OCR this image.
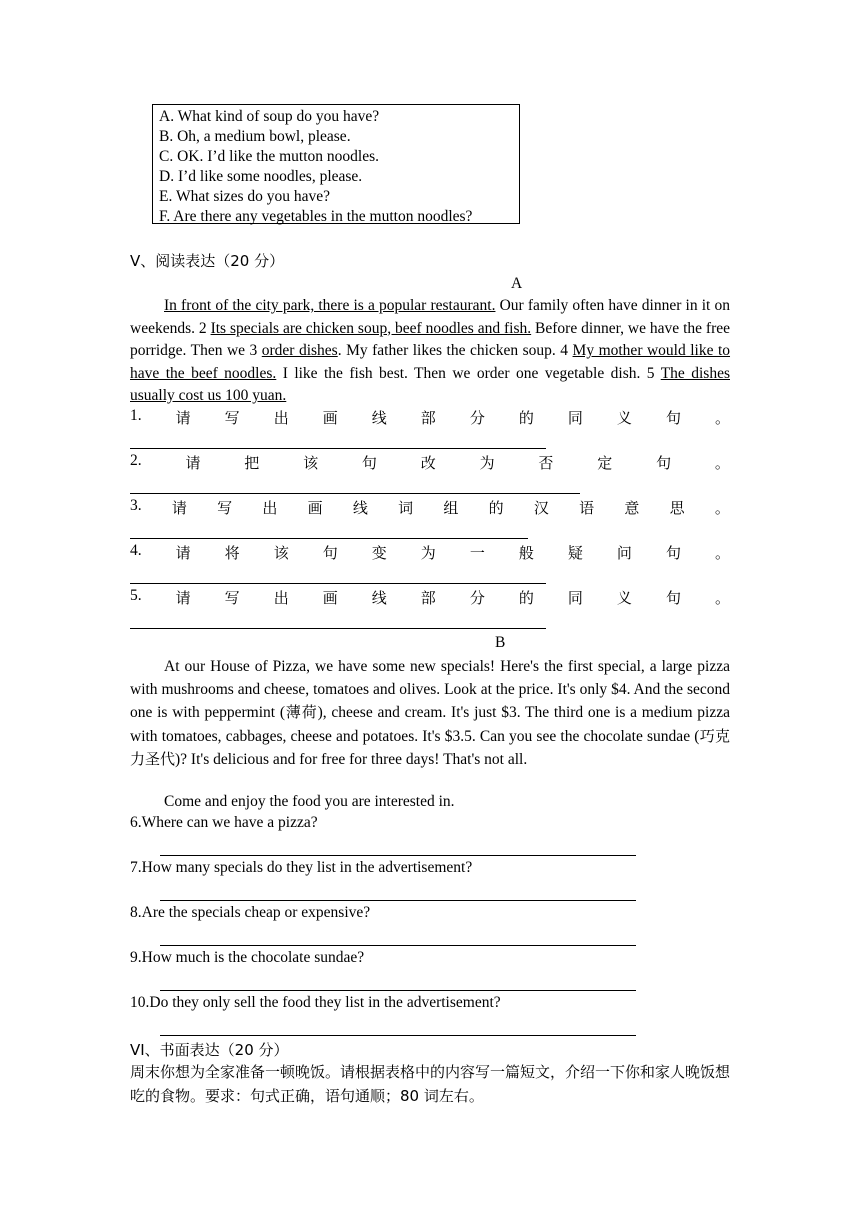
A. What kind of soup do you have?
B. Oh, a medium bowl, please.
C. OK. I’d like the mutton noodles.
D. I’d like some noodles, please.
E. What sizes do you have?
F. Are there any vegetables in the mutton noodles?
V、阅读表达（20 分）
A
In front of the city park, there is a popular restaurant. Our family often have dinner in it on weekends. 2 Its specials are chicken soup, beef noodles and fish. Before dinner, we have the free porridge. Then we 3 order dishes. My father likes the chicken soup. 4 My mother would like to have the beef noodles. I like the fish best. Then we order one vegetable dish. 5 The dishes usually cost us 100 yuan.
1. 请 写 出 画 线 部 分 的 同 义 句 。
2.	请	把	该	句	改	为	否	定	句	。
3. 请 写 出 画 线 词 组 的 汉 语 意 思 。
4. 请 将 该 句 变 为 一 般 疑 问 句 。
5. 请 写 出 画 线 部 分 的 同 义 句 。
B
At our House of Pizza, we have some new specials! Here's the first special, a large pizza with mushrooms and cheese, tomatoes and olives. Look at the price. It's only $4. And the second one is with peppermint (薄荷), cheese and cream. It's just $3. The third one is a medium pizza with tomatoes, cabbages, cheese and potatoes. It's $3.5. Can you see the chocolate sundae (巧克力圣代)? It's delicious and for free for three days! That's not all.
Come and enjoy the food you are interested in.
6.Where can we have a pizza?
7.How many specials do they list in the advertisement?
8.Are the specials cheap or expensive?
9.How much is the chocolate sundae?
10.Do they only sell the food they list in the advertisement?
VI、书面表达（20 分）
周末你想为全家准备一顿晚饭。请根据表格中的内容写一篇短文，介绍一下你和家人晚饭想吃的食物。要求：句式正确，语句通顺；80 词左右。
